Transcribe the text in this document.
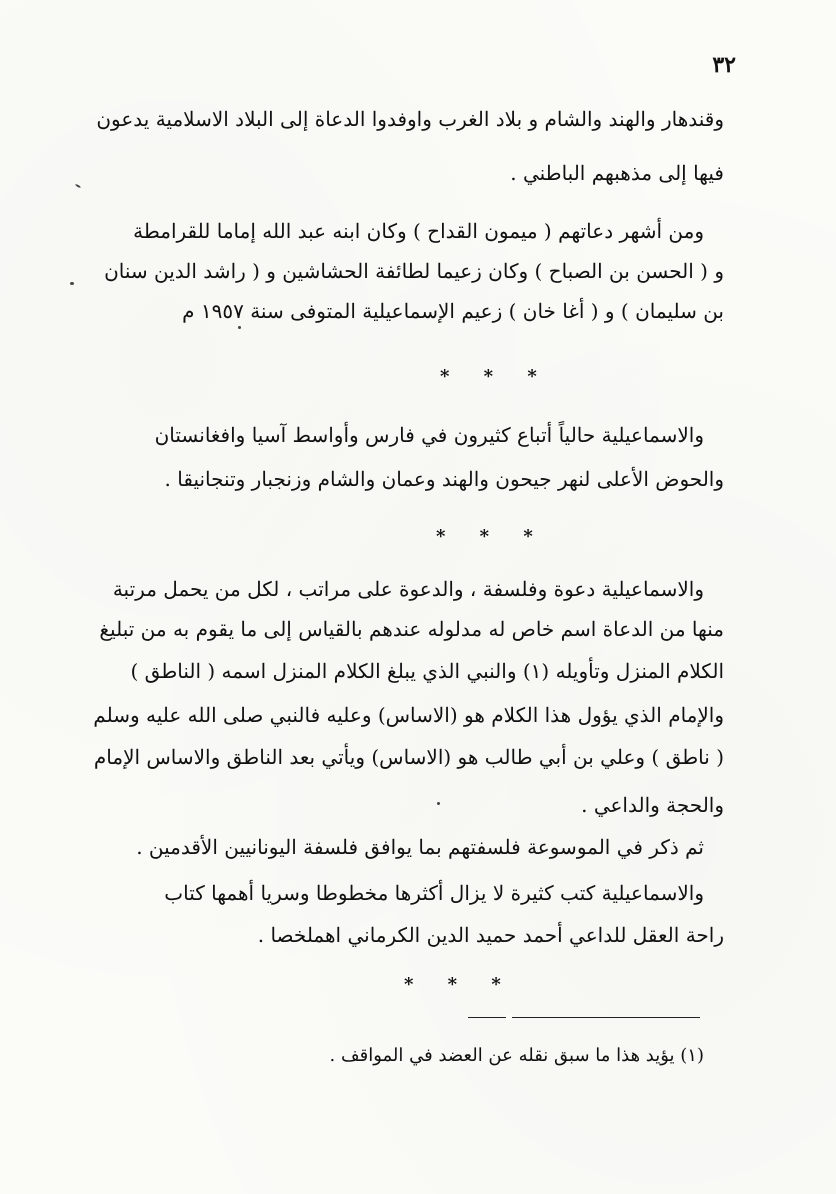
٣٢
وقندهار والهند والشام و بلاد الغرب واوفدوا الدعاة إلى البلاد الاسلامية يدعون
فيها إلى مذهبهم الباطني .
ومن أشهر دعاتهم ( ميمون القداح ) وكان ابنه عبد الله إماما للقرامطة
و ( الحسن بن الصباح ) وكان زعيما لطائفة الحشاشين و ( راشد الدين سنان
بن سليمان ) و ( أغا خان ) زعيم الإسماعيلية المتوفى سنة ١٩٥٧ م
* * *
والاسماعيلية حالياً أتباع كثيرون في فارس وأواسط آسيا وافغانستان
والحوض الأعلى لنهر جيحون والهند وعمان والشام وزنجبار وتنجانيقا .
* * *
والاسماعيلية دعوة وفلسفة ، والدعوة على مراتب ، لكل من يحمل مرتبة
منها من الدعاة اسم خاص له مدلوله عندهم بالقياس إلى ما يقوم به من تبليغ
الكلام المنزل وتأويله (١) والنبي الذي يبلغ الكلام المنزل اسمه ( الناطق )
والإمام الذي يؤول هذا الكلام هو (الاساس) وعليه فالنبي صلى الله عليه وسلم
( ناطق ) وعلي بن أبي طالب هو (الاساس) ويأتي بعد الناطق والاساس الإمام
والحجة والداعي .
ثم ذكر في الموسوعة فلسفتهم بما يوافق فلسفة اليونانيين الأقدمين .
والاسماعيلية كتب كثيرة لا يزال أكثرها مخطوطا وسريا أهمها كتاب
راحة العقل للداعي أحمد حميد الدين الكرماني اهملخصا .
* * *
(١) يؤيد هذا ما سبق نقله عن العضد في المواقف .
